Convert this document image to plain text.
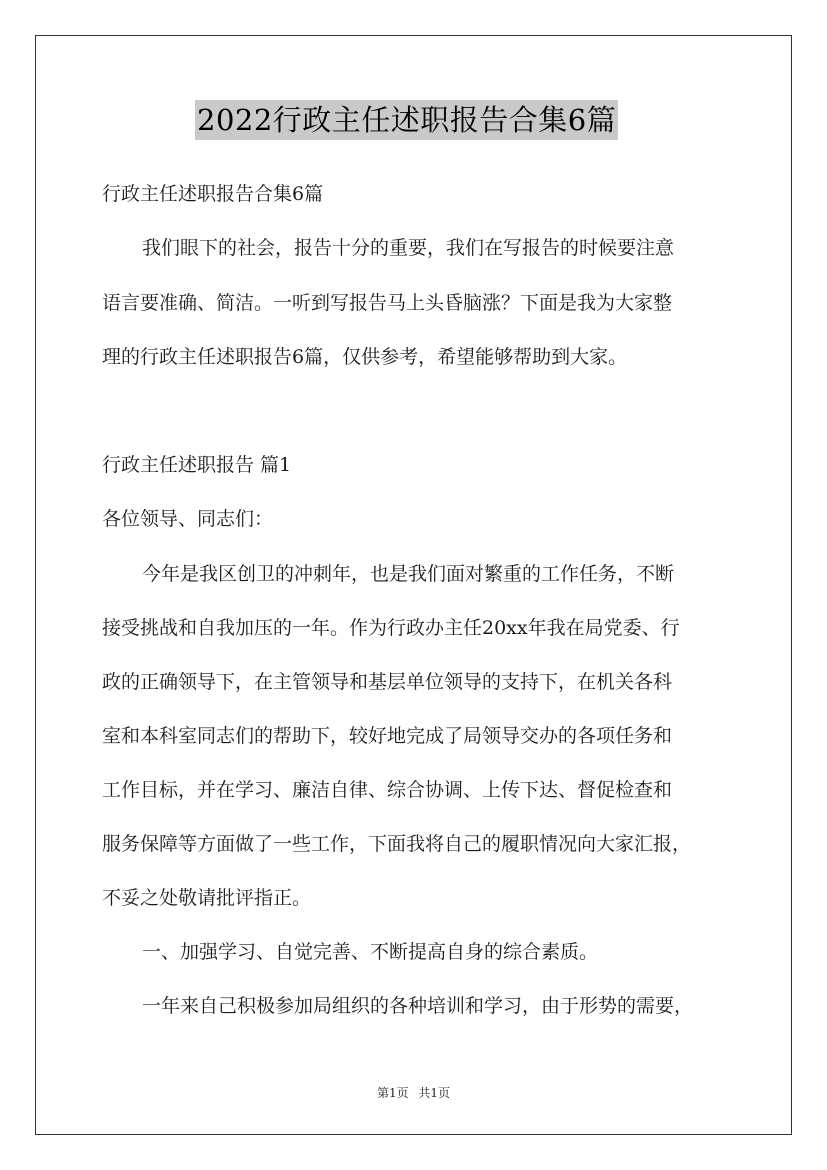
2022行政主任述职报告合集6篇
行政主任述职报告合集6篇
我们眼下的社会，报告十分的重要，我们在写报告的时候要注意
语言要准确、简洁。一听到写报告马上头昏脑涨？下面是我为大家整
理的行政主任述职报告6篇，仅供参考，希望能够帮助到大家。
行政主任述职报告 篇1
各位领导、同志们：
今年是我区创卫的冲刺年，也是我们面对繁重的工作任务，不断
接受挑战和自我加压的一年。作为行政办主任20xx年我在局党委、行
政的正确领导下，在主管领导和基层单位领导的支持下，在机关各科
室和本科室同志们的帮助下，较好地完成了局领导交办的各项任务和
工作目标，并在学习、廉洁自律、综合协调、上传下达、督促检查和
服务保障等方面做了一些工作，下面我将自己的履职情况向大家汇报，
不妥之处敬请批评指正。
一、加强学习、自觉完善、不断提高自身的综合素质。
一年来自己积极参加局组织的各种培训和学习，由于形势的需要，
第1页 共1页
